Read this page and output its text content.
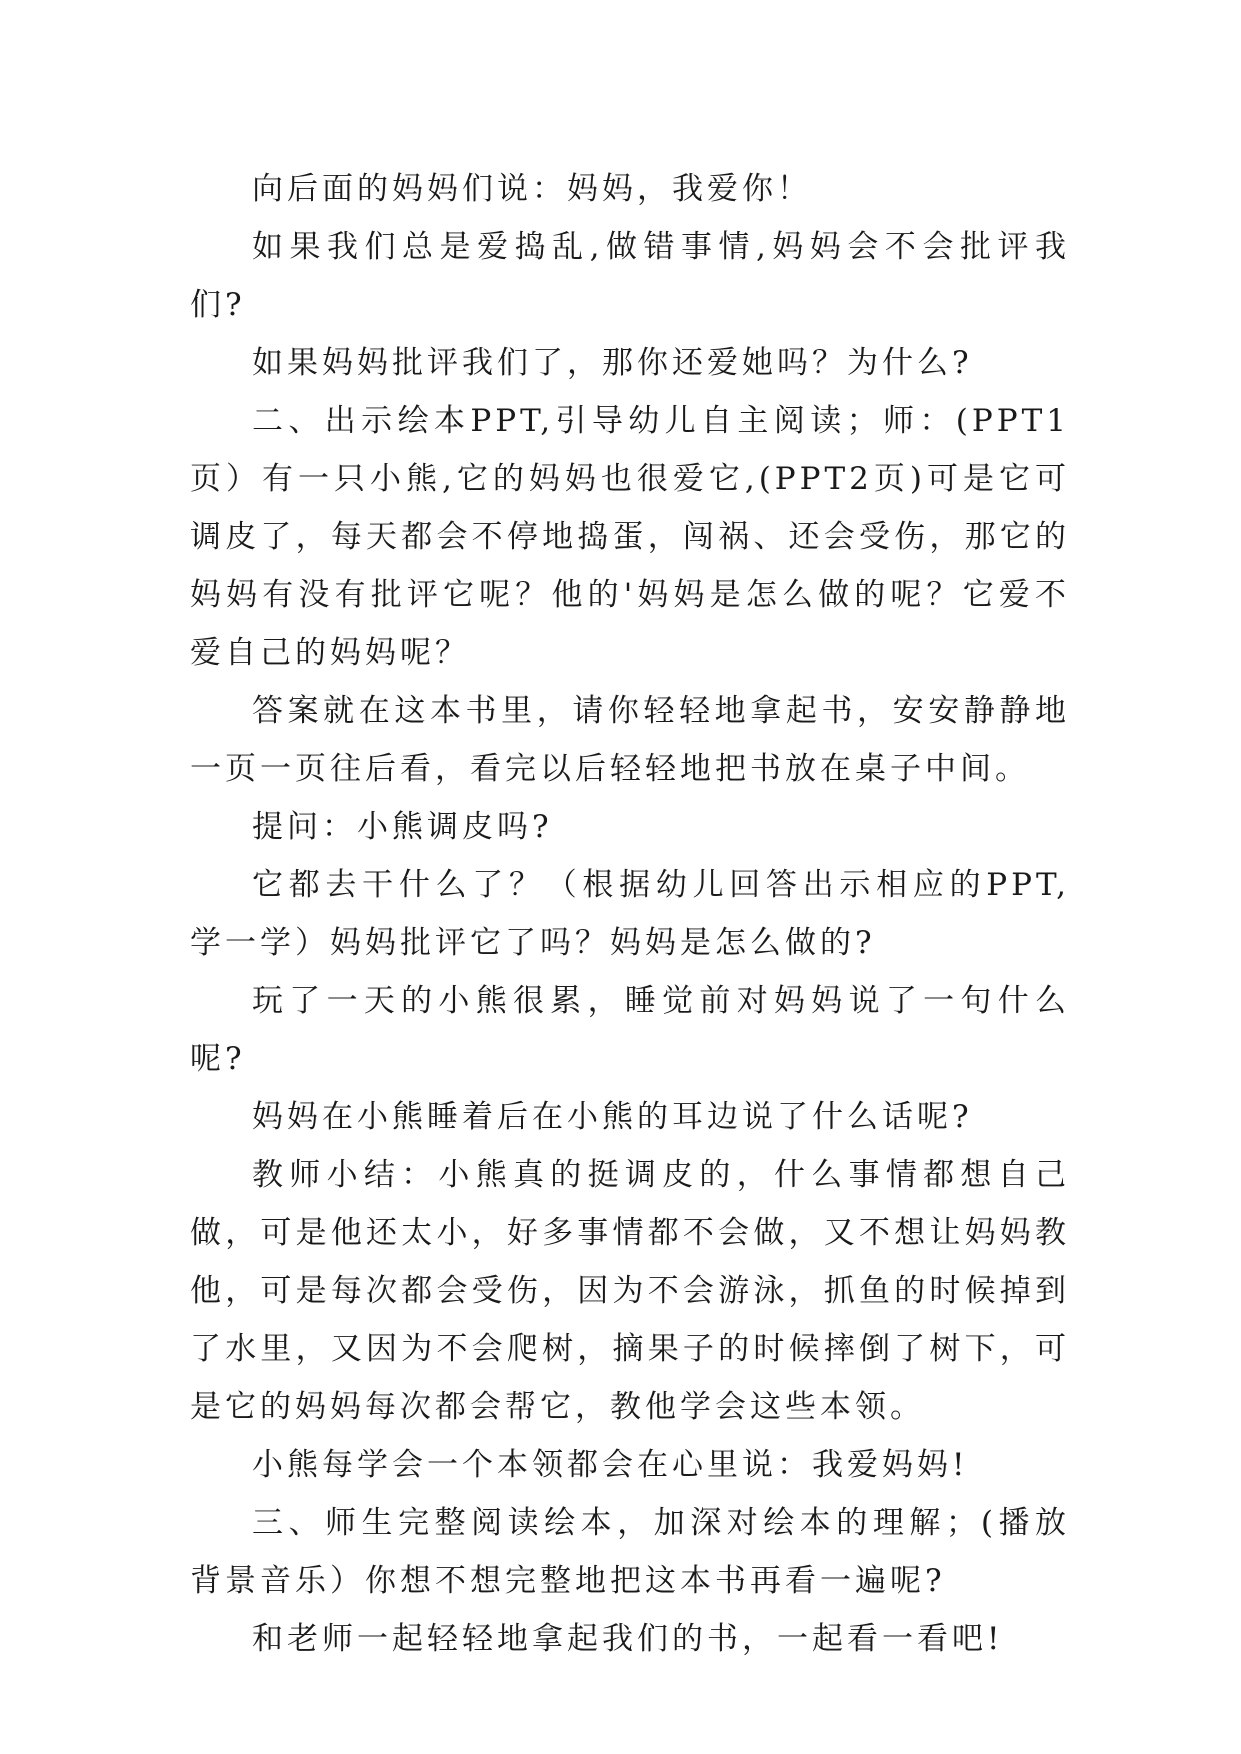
向后面的妈妈们说：妈妈，我爱你！

如果我们总是爱捣乱,做错事情,妈妈会不会批评我们?

如果妈妈批评我们了，那你还爱她吗？为什么?

二、出示绘本PPT,引导幼儿自主阅读；师：(PPT1页）有一只小熊,它的妈妈也很爱它,(PPT2页)可是它可调皮了，每天都会不停地捣蛋，闯祸、还会受伤，那它的妈妈有没有批评它呢？他的'妈妈是怎么做的呢？它爱不爱自己的妈妈呢？

答案就在这本书里，请你轻轻地拿起书，安安静静地一页一页往后看，看完以后轻轻地把书放在桌子中间。

提问：小熊调皮吗?

它都去干什么了？（根据幼儿回答出示相应的PPT,学一学）妈妈批评它了吗？妈妈是怎么做的?

玩了一天的小熊很累，睡觉前对妈妈说了一句什么呢?

妈妈在小熊睡着后在小熊的耳边说了什么话呢?

教师小结：小熊真的挺调皮的，什么事情都想自己做，可是他还太小，好多事情都不会做，又不想让妈妈教他，可是每次都会受伤，因为不会游泳，抓鱼的时候掉到了水里，又因为不会爬树，摘果子的时候摔倒了树下，可是它的妈妈每次都会帮它，教他学会这些本领。

小熊每学会一个本领都会在心里说：我爱妈妈!

三、师生完整阅读绘本，加深对绘本的理解；(播放背景音乐）你想不想完整地把这本书再看一遍呢?

和老师一起轻轻地拿起我们的书，一起看一看吧!
